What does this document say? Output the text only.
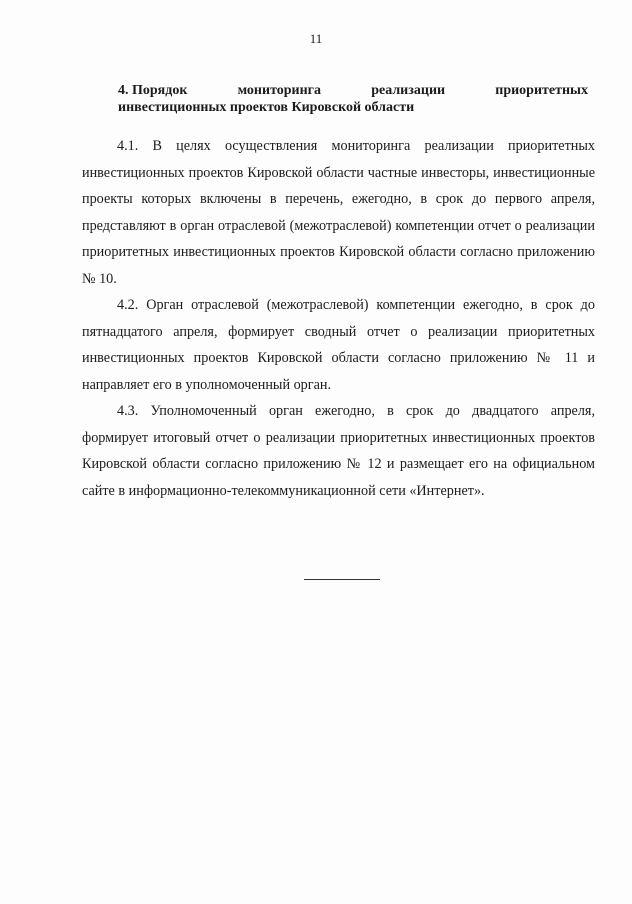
11
4. Порядок	мониторинга	реализации	приоритетных
инвестиционных проектов Кировской области

4.1. В целях осуществления мониторинга реализации приоритетных инвестиционных проектов Кировской области частные инвесторы, инвестиционные проекты которых включены в перечень, ежегодно, в срок до первого апреля, представляют в орган отраслевой (межотраслевой) компетенции отчет о реализации приоритетных инвестиционных проектов Кировской области согласно приложению № 10.

4.2. Орган отраслевой (межотраслевой) компетенции ежегодно, в срок до пятнадцатого апреля, формирует сводный отчет о реализации приоритетных инвестиционных проектов Кировской области согласно приложению № 11 и направляет его в уполномоченный орган.

4.3. Уполномоченный орган ежегодно, в срок до двадцатого апреля, формирует итоговый отчет о реализации приоритетных инвестиционных проектов Кировской области согласно приложению № 12 и размещает его на официальном сайте в информационно-телекоммуникационной сети «Интернет».
